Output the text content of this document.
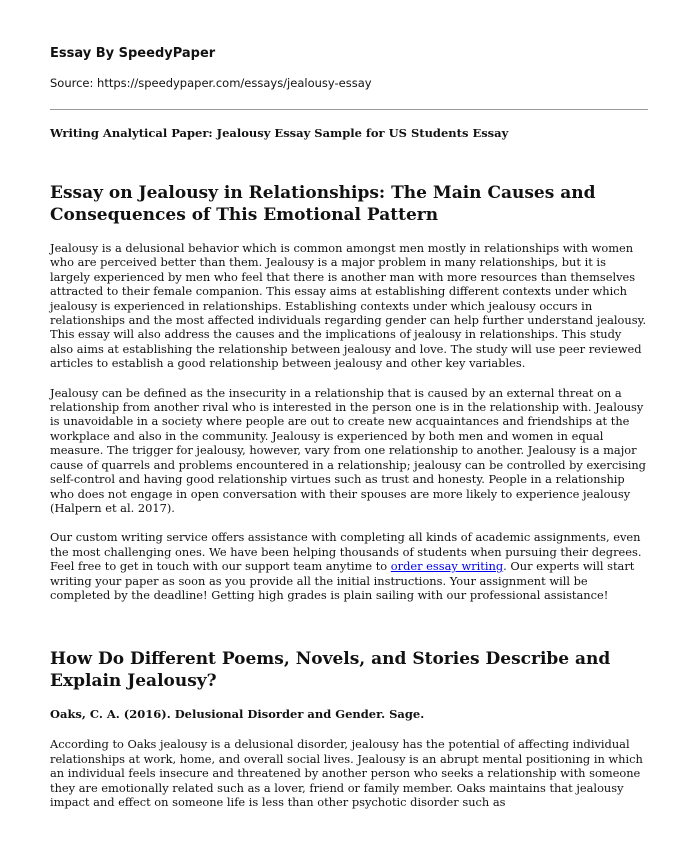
Essay By SpeedyPaper

Source: https://speedypaper.com/essays/jealousy-essay

Writing Analytical Paper: Jealousy Essay Sample for US Students Essay

Essay on Jealousy in Relationships: The Main Causes and Consequences of This Emotional Pattern

Jealousy is a delusional behavior which is common amongst men mostly in relationships with women who are perceived better than them. Jealousy is a major problem in many relationships, but it is largely experienced by men who feel that there is another man with more resources than themselves attracted to their female companion. This essay aims at establishing different contexts under which jealousy is experienced in relationships. Establishing contexts under which jealousy occurs in relationships and the most affected individuals regarding gender can help further understand jealousy. This essay will also address the causes and the implications of jealousy in relationships. This study also aims at establishing the relationship between jealousy and love. The study will use peer reviewed articles to establish a good relationship between jealousy and other key variables.

Jealousy can be defined as the insecurity in a relationship that is caused by an external threat on a relationship from another rival who is interested in the person one is in the relationship with. Jealousy is unavoidable in a society where people are out to create new acquaintances and friendships at the workplace and also in the community. Jealousy is experienced by both men and women in equal measure. The trigger for jealousy, however, vary from one relationship to another. Jealousy is a major cause of quarrels and problems encountered in a relationship; jealousy can be controlled by exercising self-control and having good relationship virtues such as trust and honesty. People in a relationship who does not engage in open conversation with their spouses are more likely to experience jealousy (Halpern et al. 2017).

Our custom writing service offers assistance with completing all kinds of academic assignments, even the most challenging ones. We have been helping thousands of students when pursuing their degrees. Feel free to get in touch with our support team anytime to order essay writing. Our experts will start writing your paper as soon as you provide all the initial instructions. Your assignment will be completed by the deadline! Getting high grades is plain sailing with our professional assistance!

How Do Different Poems, Novels, and Stories Describe and Explain Jealousy?

Oaks, C. A. (2016). Delusional Disorder and Gender. Sage.

According to Oaks jealousy is a delusional disorder, jealousy has the potential of affecting individual relationships at work, home, and overall social lives. Jealousy is an abrupt mental positioning in which an individual feels insecure and threatened by another person who seeks a relationship with someone they are emotionally related such as a lover, friend or family member. Oaks maintains that jealousy impact and effect on someone life is less than other psychotic disorder such as
